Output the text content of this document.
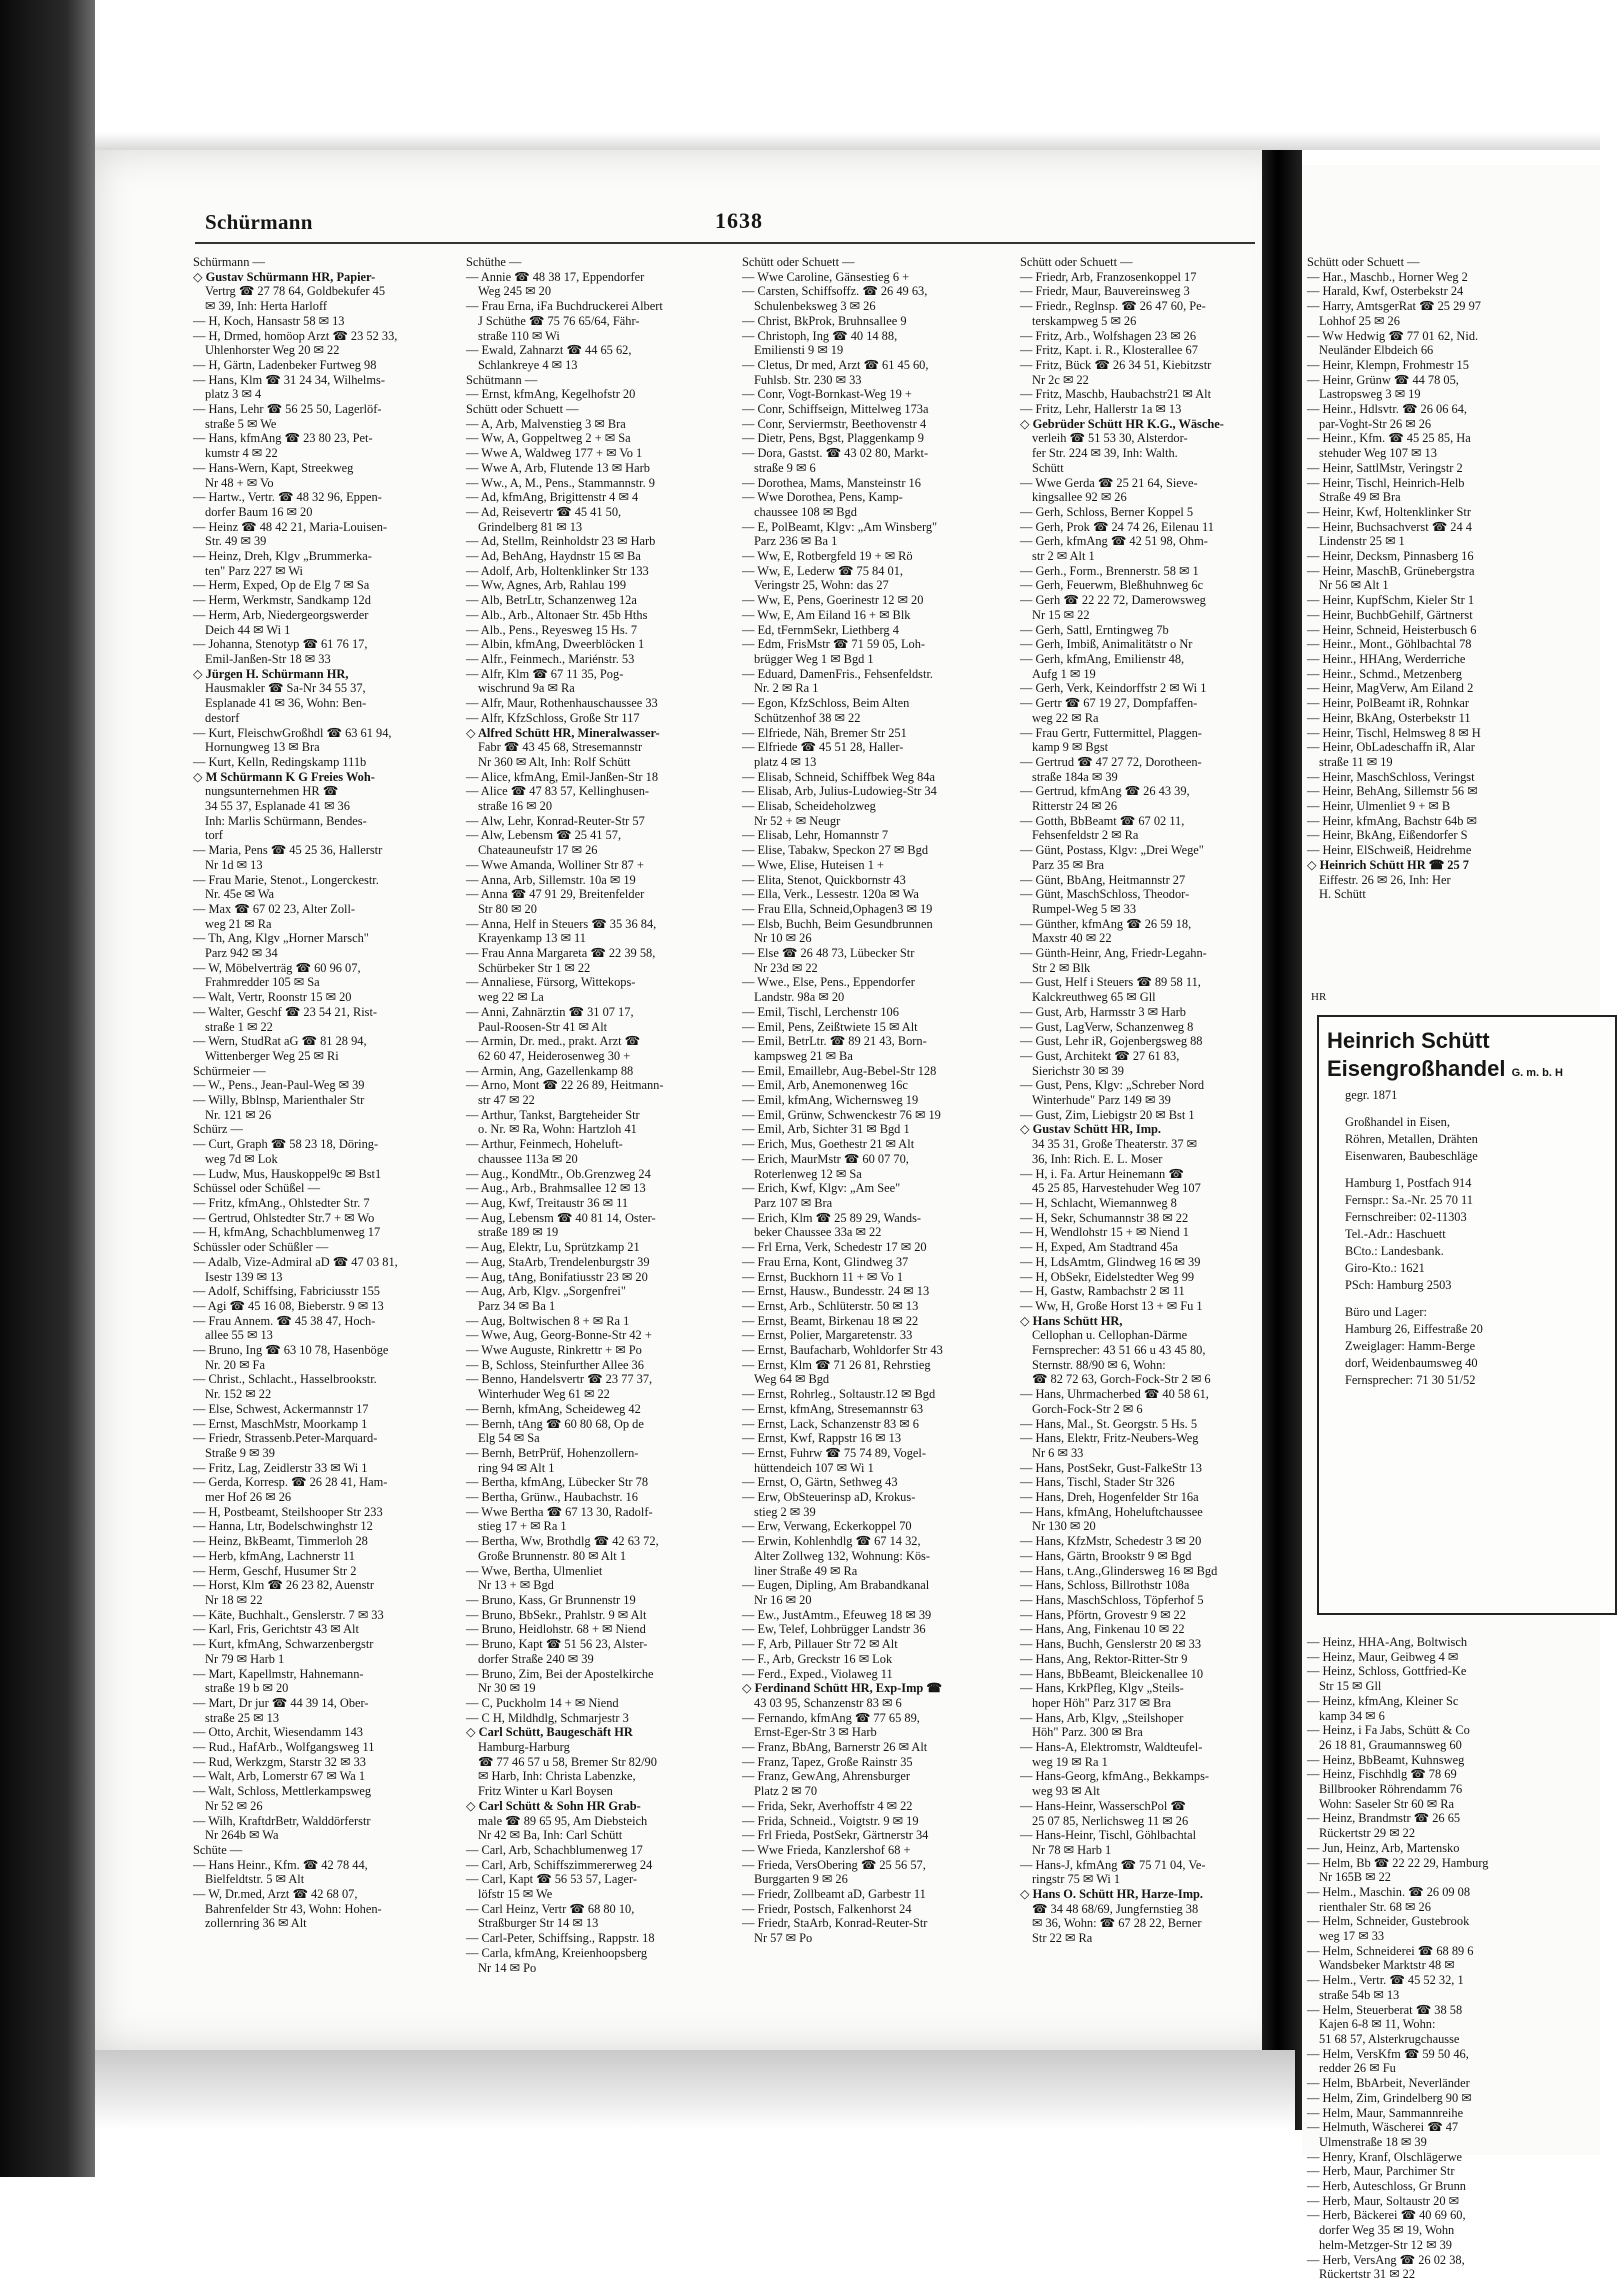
Schürmann	1638
Schürmann —
◇ Gustav Schürmann HR, Papier-
Vertrg ☎ 27 78 64, Goldbekufer 45
✉ 39, Inh: Herta Harloff
— H, Koch, Hansastr 58 ✉ 13
— H, Drmed, homöop Arzt ☎ 23 52 33,
Uhlenhorster Weg 20 ✉ 22
— H, Gärtn, Ladenbeker Furtweg 98
— Hans, Klm ☎ 31 24 34, Wilhelms-
platz 3 ✉ 4
— Hans, Lehr ☎ 56 25 50, Lagerlöf-
straße 5 ✉ We
— Hans, kfmAng ☎ 23 80 23, Pet-
kumstr 4 ✉ 22
— Hans-Wern, Kapt, Streekweg
Nr 48 + ✉ Vo
— Hartw., Vertr. ☎ 48 32 96, Eppen-
dorfer Baum 16 ✉ 20
— Heinz ☎ 48 42 21, Maria-Louisen-
Str. 49 ✉ 39
— Heinz, Dreh, Klgv „Brummerka-
ten" Parz 227 ✉ Wi
— Herm, Exped, Op de Elg 7 ✉ Sa
— Herm, Werkmstr, Sandkamp 12d
— Herm, Arb, Niedergeorgswerder
Deich 44 ✉ Wi 1
— Johanna, Stenotyp ☎ 61 76 17,
Emil-Janßen-Str 18 ✉ 33
◇ Jürgen H. Schürmann HR,
Hausmakler ☎ Sa-Nr 34 55 37,
Esplanade 41 ✉ 36, Wohn: Ben-
destorf
— Kurt, FleischwGroßhdl ☎ 63 61 94,
Hornungweg 13 ✉ Bra
— Kurt, Kelln, Redingskamp 111b
◇ M Schürmann K G Freies Woh-
nungsunternehmen HR ☎
34 55 37, Esplanade 41 ✉ 36
Inh: Marlis Schürmann, Bendes-
torf
— Maria, Pens ☎ 45 25 36, Hallerstr
Nr 1d ✉ 13
— Frau Marie, Stenot., Longerckestr.
Nr. 45e ✉ Wa
— Max ☎ 67 02 23, Alter Zoll-
weg 21 ✉ Ra
— Th, Ang, Klgv „Horner Marsch"
Parz 942 ✉ 34
— W, Möbelverträg ☎ 60 96 07,
Frahmredder 105 ✉ Sa
— Walt, Vertr, Roonstr 15 ✉ 20
— Walter, Geschf ☎ 23 54 21, Rist-
straße 1 ✉ 22
— Wern, StudRat aG ☎ 81 28 94,
Wittenberger Weg 25 ✉ Ri
Schürmeier —
— W., Pens., Jean-Paul-Weg ✉ 39
— Willy, Bblnsp, Marienthaler Str
Nr. 121 ✉ 26
Schürz —
— Curt, Graph ☎ 58 23 18, Döring-
weg 7d ✉ Lok
— Ludw, Mus, Hauskoppel9c ✉ Bst1
Schüssel oder Schüßel —
— Fritz, kfmAng., Ohlstedter Str. 7
— Gertrud, Ohlstedter Str.7 + ✉ Wo
— H, kfmAng, Schachblumenweg 17
Schüssler oder Schüßler —
— Adalb, Vize-Admiral aD ☎ 47 03 81,
Isestr 139 ✉ 13
— Adolf, Schiffsing, Fabriciusstr 155
— Agi ☎ 45 16 08, Bieberstr. 9 ✉ 13
— Frau Annem. ☎ 45 38 47, Hoch-
allee 55 ✉ 13
— Bruno, Ing ☎ 63 10 78, Hasenböge
Nr. 20 ✉ Fa
— Christ., Schlacht., Hasselbrookstr.
Nr. 152 ✉ 22
— Else, Schwest, Ackermannstr 17
— Ernst, MaschMstr, Moorkamp 1
— Friedr, Strassenb.Peter-Marquard-
Straße 9 ✉ 39
— Fritz, Lag, Zeidlerstr 33 ✉ Wi 1
— Gerda, Korresp. ☎ 26 28 41, Ham-
mer Hof 26 ✉ 26
— H, Postbeamt, Steilshooper Str 233
— Hanna, Ltr, Bodelschwinghstr 12
— Heinz, BkBeamt, Timmerloh 28
— Herb, kfmAng, Lachnerstr 11
— Herm, Geschf, Husumer Str 2
— Horst, Klm ☎ 26 23 82, Auenstr
Nr 18 ✉ 22
— Käte, Buchhalt., Genslerstr. 7 ✉ 33
— Karl, Fris, Gerichtstr 43 ✉ Alt
— Kurt, kfmAng, Schwarzenbergstr
Nr 79 ✉ Harb 1
— Mart, Kapellmstr, Hahnemann-
straße 19 b ✉ 20
— Mart, Dr jur ☎ 44 39 14, Ober-
straße 25 ✉ 13
— Otto, Archit, Wiesendamm 143
— Rud., HafArb., Wolfgangsweg 11
— Rud, Werkzgm, Starstr 32 ✉ 33
— Walt, Arb, Lomerstr 67 ✉ Wa 1
— Walt, Schloss, Mettlerkampsweg
Nr 52 ✉ 26
— Wilh, KraftdrBetr, Walddörferstr
Nr 264b ✉ Wa
Schüte —
— Hans Heinr., Kfm. ☎ 42 78 44,
Bielfeldtstr. 5 ✉ Alt
— W, Dr.med, Arzt ☎ 42 68 07,
Bahrenfelder Str 43, Wohn: Hohen-
zollernring 36 ✉ Alt
Schüthe —
— Annie ☎ 48 38 17, Eppendorfer
Weg 245 ✉ 20
— Frau Erna, iFa Buchdruckerei Albert
J Schüthe ☎ 75 76 65/64, Fähr-
straße 110 ✉ Wi
— Ewald, Zahnarzt ☎ 44 65 62,
Schlankreye 4 ✉ 13
Schütmann —
— Ernst, kfmAng, Kegelhofstr 20
Schütt oder Schuett —
— A, Arb, Malvenstieg 3 ✉ Bra
— Ww, A, Goppeltweg 2 + ✉ Sa
— Wwe A, Waldweg 177 + ✉ Vo 1
— Wwe A, Arb, Flutende 13 ✉ Harb
— Ww., A, M., Pens., Stammannstr. 9
— Ad, kfmAng, Brigittenstr 4 ✉ 4
— Ad, Reisevertr ☎ 45 41 50,
Grindelberg 81 ✉ 13
— Ad, Stellm, Reinholdstr 23 ✉ Harb
— Ad, BehAng, Haydnstr 15 ✉ Ba
— Adolf, Arb, Holtenklinker Str 133
— Ww, Agnes, Arb, Rahlau 199
— Alb, BetrLtr, Schanzenweg 12a
— Alb., Arb., Altonaer Str. 45b Hths
— Alb., Pens., Reyesweg 15 Hs. 7
— Albin, kfmAng, Dweerblöcken 1
— Alfr., Feinmech., Mariénstr. 53
— Alfr, Klm ☎ 67 11 35, Pog-
wischrund 9a ✉ Ra
— Alfr, Maur, Rothenhauschaussee 33
— Alfr, KfzSchloss, Große Str 117
◇ Alfred Schütt HR, Mineralwasser-
Fabr ☎ 43 45 68, Stresemannstr
Nr 360 ✉ Alt, Inh: Rolf Schütt
— Alice, kfmAng, Emil-Janßen-Str 18
— Alice ☎ 47 83 57, Kellinghusen-
straße 16 ✉ 20
— Alw, Lehr, Konrad-Reuter-Str 57
— Alw, Lebensm ☎ 25 41 57,
Chateauneufstr 17 ✉ 26
— Wwe Amanda, Wolliner Str 87 +
— Anna, Arb, Sillemstr. 10a ✉ 19
— Anna ☎ 47 91 29, Breitenfelder
Str 80 ✉ 20
— Anna, Helf in Steuers ☎ 35 36 84,
Krayenkamp 13 ✉ 11
— Frau Anna Margareta ☎ 22 39 58,
Schürbeker Str 1 ✉ 22
— Annaliese, Fürsorg, Wittekops-
weg 22 ✉ La
— Anni, Zahnärztin ☎ 31 07 17,
Paul-Roosen-Str 41 ✉ Alt
— Armin, Dr. med., prakt. Arzt ☎
62 60 47, Heiderosenweg 30 +
— Armin, Ang, Gazellenkamp 88
— Arno, Mont ☎ 22 26 89, Heitmann-
str 47 ✉ 22
— Arthur, Tankst, Bargteheider Str
o. Nr. ✉ Ra, Wohn: Hartzloh 41
— Arthur, Feinmech, Hoheluft-
chaussee 113a ✉ 20
— Aug., KondMtr., Ob.Grenzweg 24
— Aug., Arb., Brahmsallee 12 ✉ 13
— Aug, Kwf, Treitaustr 36 ✉ 11
— Aug, Lebensm ☎ 40 81 14, Oster-
straße 189 ✉ 19
— Aug, Elektr, Lu, Sprützkamp 21
— Aug, StaArb, Trendelenburgstr 39
— Aug, tAng, Bonifatiusstr 23 ✉ 20
— Aug, Arb, Klgv. „Sorgenfrei"
Parz 34 ✉ Ba 1
— Aug, Boltwischen 8 + ✉ Ra 1
— Wwe, Aug, Georg-Bonne-Str 42 +
— Wwe Auguste, Rinkrettr + ✉ Po
— B, Schloss, Steinfurther Allee 36
— Benno, Handelsvertr ☎ 23 77 37,
Winterhuder Weg 61 ✉ 22
— Bernh, kfmAng, Scheideweg 42
— Bernh, tAng ☎ 60 80 68, Op de
Elg 54 ✉ Sa
— Bernh, BetrPrüf, Hohenzollern-
ring 94 ✉ Alt 1
— Bertha, kfmAng, Lübecker Str 78
— Bertha, Grünw., Haubachstr. 16
— Wwe Bertha ☎ 67 13 30, Radolf-
stieg 17 + ✉ Ra 1
— Bertha, Ww, Brothdlg ☎ 42 63 72,
Große Brunnenstr. 80 ✉ Alt 1
— Wwe, Bertha, Ulmenliet
Nr 13 + ✉ Bgd
— Bruno, Kass, Gr Brunnenstr 19
— Bruno, BbSekr., Prahlstr. 9 ✉ Alt
— Bruno, Heidlohstr. 68 + ✉ Niend
— Bruno, Kapt ☎ 51 56 23, Alster-
dorfer Straße 240 ✉ 39
— Bruno, Zim, Bei der Apostelkirche
Nr 30 ✉ 19
— C, Puckholm 14 + ✉ Niend
— C H, Mildhdlg, Schmarjestr 3
◇ Carl Schütt, Baugeschäft HR
Hamburg-Harburg
☎ 77 46 57 u 58, Bremer Str 82/90
✉ Harb, Inh: Christa Labenzke,
Fritz Winter u Karl Boysen
◇ Carl Schütt & Sohn HR Grab-
male ☎ 89 65 95, Am Diebsteich
Nr 42 ✉ Ba, Inh: Carl Schütt
— Carl, Arb, Schachblumenweg 17
— Carl, Arb, Schiffszimmererweg 24
— Carl, Kapt ☎ 56 53 57, Lager-
löfstr 15 ✉ We
— Carl Heinz, Vertr ☎ 68 80 10,
Straßburger Str 14 ✉ 13
— Carl-Peter, Schiffsing., Rappstr. 18
— Carla, kfmAng, Kreienhoopsberg
Nr 14 ✉ Po
Schütt oder Schuett —
— Wwe Caroline, Gänsestieg 6 +
— Carsten, Schiffsoffz. ☎ 26 49 63,
Schulenbeksweg 3 ✉ 26
— Christ, BkProk, Bruhnsallee 9
— Christoph, Ing ☎ 40 14 88,
Emiliensti 9 ✉ 19
— Cletus, Dr med, Arzt ☎ 61 45 60,
Fuhlsb. Str. 230 ✉ 33
— Conr, Vogt-Bornkast-Weg 19 +
— Conr, Schiffseign, Mittelweg 173a
— Conr, Serviermstr, Beethovenstr 4
— Dietr, Pens, Bgst, Plaggenkamp 9
— Dora, Gastst. ☎ 43 02 80, Markt-
straße 9 ✉ 6
— Dorothea, Mams, Mansteinstr 16
— Wwe Dorothea, Pens, Kamp-
chaussee 108 ✉ Bgd
— E, PolBeamt, Klgv: „Am Winsberg"
Parz 236 ✉ Ba 1
— Ww, E, Rotbergfeld 19 + ✉ Rö
— Ww, E, Lederw ☎ 75 84 01,
Veringstr 25, Wohn: das 27
— Ww, E, Pens, Goerinestr 12 ✉ 20
— Ww, E, Am Eiland 16 + ✉ Blk
— Ed, tFernmSekr, Liethberg 4
— Edm, FrisMstr ☎ 71 59 05, Loh-
brügger Weg 1 ✉ Bgd 1
— Eduard, DamenFris., Fehsenfeldstr.
Nr. 2 ✉ Ra 1
— Egon, KfzSchloss, Beim Alten
Schützenhof 38 ✉ 22
— Elfriede, Näh, Bremer Str 251
— Elfriede ☎ 45 51 28, Haller-
platz 4 ✉ 13
— Elisab, Schneid, Schiffbek Weg 84a
— Elisab, Arb, Julius-Ludowieg-Str 34
— Elisab, Scheideholzweg
Nr 52 + ✉ Neugr
— Elisab, Lehr, Homannstr 7
— Elise, Tabakw, Speckon 27 ✉ Bgd
— Wwe, Elise, Huteisen 1 +
— Elita, Stenot, Quickbornstr 43
— Ella, Verk., Lessestr. 120a ✉ Wa
— Frau Ella, Schneid,Ophagen3 ✉ 19
— Elsb, Buchh, Beim Gesundbrunnen
Nr 10 ✉ 26
— Else ☎ 26 48 73, Lübecker Str
Nr 23d ✉ 22
— Wwe., Else, Pens., Eppendorfer
Landstr. 98a ✉ 20
— Emil, Tischl, Lerchenstr 106
— Emil, Pens, Zeißtwiete 15 ✉ Alt
— Emil, BetrLtr. ☎ 89 21 43, Born-
kampsweg 21 ✉ Ba
— Emil, Emaillebr, Aug-Bebel-Str 128
— Emil, Arb, Anemonenweg 16c
— Emil, kfmAng, Wichernsweg 19
— Emil, Grünw, Schwenckestr 76 ✉ 19
— Emil, Arb, Sichter 31 ✉ Bgd 1
— Erich, Mus, Goethestr 21 ✉ Alt
— Erich, MaurMstr ☎ 60 07 70,
Roterlenweg 12 ✉ Sa
— Erich, Kwf, Klgv: „Am See"
Parz 107 ✉ Bra
— Erich, Klm ☎ 25 89 29, Wands-
beker Chaussee 33a ✉ 22
— Frl Erna, Verk, Schedestr 17 ✉ 20
— Frau Erna, Kont, Glindweg 37
— Ernst, Buckhorn 11 + ✉ Vo 1
— Ernst, Hausw., Bundesstr. 24 ✉ 13
— Ernst, Arb., Schlüterstr. 50 ✉ 13
— Ernst, Beamt, Birkenau 18 ✉ 22
— Ernst, Polier, Margaretenstr. 33
— Ernst, Baufacharb, Wohldorfer Str 43
— Ernst, Klm ☎ 71 26 81, Rehrstieg
Weg 64 ✉ Bgd
— Ernst, Rohrleg., Soltaustr.12 ✉ Bgd
— Ernst, kfmAng, Stresemannstr 63
— Ernst, Lack, Schanzenstr 83 ✉ 6
— Ernst, Kwf, Rappstr 16 ✉ 13
— Ernst, Fuhrw ☎ 75 74 89, Vogel-
hüttendeich 107 ✉ Wi 1
— Ernst, O, Gärtn, Sethweg 43
— Erw, ObSteuerinsp aD, Krokus-
stieg 2 ✉ 39
— Erw, Verwang, Eckerkoppel 70
— Erwin, Kohlenhdlg ☎ 67 14 32,
Alter Zollweg 132, Wohnung: Kös-
liner Straße 49 ✉ Ra
— Eugen, Dipling, Am Brabandkanal
Nr 16 ✉ 20
— Ew., JustAmtm., Efeuweg 18 ✉ 39
— Ew, Telef, Lohbrügger Landstr 36
— F, Arb, Pillauer Str 72 ✉ Alt
— F., Arb, Greckstr 16 ✉ Lok
— Ferd., Exped., Violaweg 11
◇ Ferdinand Schütt HR, Exp-Imp ☎
43 03 95, Schanzenstr 83 ✉ 6
— Fernando, kfmAng ☎ 77 65 89,
Ernst-Eger-Str 3 ✉ Harb
— Franz, BbAng, Barnerstr 26 ✉ Alt
— Franz, Tapez, Große Rainstr 35
— Franz, GewAng, Ahrensburger
Platz 2 ✉ 70
— Frida, Sekr, Averhoffstr 4 ✉ 22
— Frida, Schneid., Voigtstr. 9 ✉ 19
— Frl Frieda, PostSekr, Gärtnerstr 34
— Wwe Frieda, Kanzlershof 68 +
— Frieda, VersObering ☎ 25 56 57,
Burggarten 9 ✉ 26
— Friedr, Zollbeamt aD, Garbestr 11
— Friedr, Postsch, Falkenhorst 24
— Friedr, StaArb, Konrad-Reuter-Str
Nr 57 ✉ Po
Schütt oder Schuett —
— Friedr, Arb, Franzosenkoppel 17
— Friedr, Maur, Bauvereinsweg 3
— Friedr., Reglnsp. ☎ 26 47 60, Pe-
terskampweg 5 ✉ 26
— Fritz, Arb., Wolfshagen 23 ✉ 26
— Fritz, Kapt. i. R., Klosterallee 67
— Fritz, Bück ☎ 26 34 51, Kiebitzstr
Nr 2c ✉ 22
— Fritz, Maschb, Haubachstr21 ✉ Alt
— Fritz, Lehr, Hallerstr 1a ✉ 13
◇ Gebrüder Schütt HR K.G., Wäsche-
verleih ☎ 51 53 30, Alsterdor-
fer Str. 224 ✉ 39, Inh: Walth.
Schütt
— Wwe Gerda ☎ 25 21 64, Sieve-
kingsallee 92 ✉ 26
— Gerh, Schloss, Berner Koppel 5
— Gerh, Prok ☎ 24 74 26, Eilenau 11
— Gerh, kfmAng ☎ 42 51 98, Ohm-
str 2 ✉ Alt 1
— Gerh., Form., Brennerstr. 58 ✉ 1
— Gerh, Feuerwm, Bleßhuhnweg 6c
— Gerh ☎ 22 22 72, Damerowsweg
Nr 15 ✉ 22
— Gerh, Sattl, Erntingweg 7b
— Gerh, Imbiß, Animalitätstr o Nr
— Gerh, kfmAng, Emilienstr 48,
Aufg 1 ✉ 19
— Gerh, Verk, Keindorffstr 2 ✉ Wi 1
— Gertr ☎ 67 19 27, Dompfaffen-
weg 22 ✉ Ra
— Frau Gertr, Futtermittel, Plaggen-
kamp 9 ✉ Bgst
— Gertrud ☎ 47 27 72, Dorotheen-
straße 184a ✉ 39
— Gertrud, kfmAng ☎ 26 43 39,
Ritterstr 24 ✉ 26
— Gotth, BbBeamt ☎ 67 02 11,
Fehsenfeldstr 2 ✉ Ra
— Günt, Postass, Klgv: „Drei Wege"
Parz 35 ✉ Bra
— Günt, BbAng, Heitmannstr 27
— Günt, MaschSchloss, Theodor-
Rumpel-Weg 5 ✉ 33
— Günther, kfmAng ☎ 26 59 18,
Maxstr 40 ✉ 22
— Günth-Heinr, Ang, Friedr-Legahn-
Str 2 ✉ Blk
— Gust, Helf i Steuers ☎ 89 58 11,
Kalckreuthweg 65 ✉ Gll
— Gust, Arb, Harmsstr 3 ✉ Harb
— Gust, LagVerw, Schanzenweg 8
— Gust, Lehr iR, Gojenbergsweg 88
— Gust, Architekt ☎ 27 61 83,
Sierichstr 30 ✉ 39
— Gust, Pens, Klgv: „Schreber Nord
Winterhude" Parz 149 ✉ 39
— Gust, Zim, Liebigstr 20 ✉ Bst 1
◇ Gustav Schütt HR, Imp.
34 35 31, Große Theaterstr. 37 ✉
36, Inh: Rich. E. L. Moser
— H, i. Fa. Artur Heinemann ☎
45 25 85, Harvestehuder Weg 107
— H, Schlacht, Wiemannweg 8
— H, Sekr, Schumannstr 38 ✉ 22
— H, Wendlohstr 15 + ✉ Niend 1
— H, Exped, Am Stadtrand 45a
— H, LdsAmtm, Glindweg 16 ✉ 39
— H, ObSekr, Eidelstedter Weg 99
— H, Gastw, Rambachstr 2 ✉ 11
— Ww, H, Große Horst 13 + ✉ Fu 1
◇ Hans Schütt HR,
Cellophan u. Cellophan-Därme
Fernsprecher: 43 51 66 u 43 45 80,
Sternstr. 88/90 ✉ 6, Wohn:
☎ 82 72 63, Gorch-Fock-Str 2 ✉ 6
— Hans, Uhrmacherbed ☎ 40 58 61,
Gorch-Fock-Str 2 ✉ 6
— Hans, Mal., St. Georgstr. 5 Hs. 5
— Hans, Elektr, Fritz-Neubers-Weg
Nr 6 ✉ 33
— Hans, PostSekr, Gust-FalkeStr 13
— Hans, Tischl, Stader Str 326
— Hans, Dreh, Hogenfelder Str 16a
— Hans, kfmAng, Hoheluftchaussee
Nr 130 ✉ 20
— Hans, KfzMstr, Schedestr 3 ✉ 20
— Hans, Gärtn, Brookstr 9 ✉ Bgd
— Hans, t.Ang.,Glindersweg 16 ✉ Bgd
— Hans, Schloss, Billrothstr 108a
— Hans, MaschSchloss, Töpferhof 5
— Hans, Pförtn, Grovestr 9 ✉ 22
— Hans, Ang, Finkenau 10 ✉ 22
— Hans, Buchh, Genslerstr 20 ✉ 33
— Hans, Ang, Rektor-Ritter-Str 9
— Hans, BbBeamt, Bleickenallee 10
— Hans, KrkPfleg, Klgv „Steils-
hoper Höh" Parz 317 ✉ Bra
— Hans, Arb, Klgv, „Steilshoper
Höh" Parz. 300 ✉ Bra
— Hans-A, Elektromstr, Waldteufel-
weg 19 ✉ Ra 1
— Hans-Georg, kfmAng., Bekkamps-
weg 93 ✉ Alt
— Hans-Heinr, WasserschPol ☎
25 07 85, Nerlichsweg 11 ✉ 26
— Hans-Heinr, Tischl, Göhlbachtal
Nr 78 ✉ Harb 1
— Hans-J, kfmAng ☎ 75 71 04, Ve-
ringstr 75 ✉ Wi 1
◇ Hans O. Schütt HR, Harze-Imp.
☎ 34 48 68/69, Jungfernstieg 38
✉ 36, Wohn: ☎ 67 28 22, Berner
Str 22 ✉ Ra
Schütt oder Schuett —
— Har., Maschb., Horner Weg 2
— Harald, Kwf, Osterbekstr 24
— Harry, AmtsgerRat ☎ 25 29 97
Lohhof 25 ✉ 26
— Ww Hedwig ☎ 77 01 62, Nid.
Neuländer Elbdeich 66
— Heinr, Klempn, Frohmestr 15
— Heinr, Grünw ☎ 44 78 05,
Lastropsweg 3 ✉ 19
— Heinr., Hdlsvtr. ☎ 26 06 64,
par-Voght-Str 26 ✉ 26
— Heinr., Kfm. ☎ 45 25 85, Ha
stehuder Weg 107 ✉ 13
— Heinr, SattlMstr, Veringstr 2
— Heinr, Tischl, Heinrich-Helb
Straße 49 ✉ Bra
— Heinr, Kwf, Holtenklinker Str
— Heinr, Buchsachverst ☎ 24 4
Lindenstr 25 ✉ 1
— Heinr, Decksm, Pinnasberg 16
— Heinr, MaschB, Grünebergstra
Nr 56 ✉ Alt 1
— Heinr, KupfSchm, Kieler Str 1
— Heinr, BuchbGehilf, Gärtnerst
— Heinr, Schneid, Heisterbusch 6
— Heinr., Mont., Göhlbachtal 78
— Heinr., HHAng, Werderriche
— Heinr., Schmd., Metzenberg
— Heinr, MagVerw, Am Eiland 2
— Heinr, PolBeamt iR, Rohnkar
— Heinr, BkAng, Osterbekstr 11
— Heinr, Tischl, Helmsweg 8 ✉ H
— Heinr, ObLadeschaffn iR, Alar
straße 11 ✉ 19
— Heinr, MaschSchloss, Veringst
— Heinr, BehAng, Sillemstr 56 ✉
— Heinr, Ulmenliet 9 + ✉ B
— Heinr, kfmAng, Bachstr 64b ✉
— Heinr, BkAng, Eißendorfer S
— Heinr, ElSchweiß, Heidrehme
◇ Heinrich Schütt HR ☎ 25 7
Eiffestr. 26 ✉ 26, Inh: Her
H. Schütt
HR
Heinrich Schütt
Eisengroßhandel G. m. b. H
gegr. 1871
Großhandel in Eisen,
Röhren, Metallen, Drähten
Eisenwaren, Baubeschläge
Hamburg 1, Postfach 914
Fernspr.: Sa.-Nr. 25 70 11
Fernschreiber: 02-11303
Tel.-Adr.: Haschuett
BCto.: Landesbank.
Giro-Kto.: 1621
PSch: Hamburg 2503
Büro und Lager:
Hamburg 26, Eiffestraße 20
Zweiglager: Hamm-Berge
dorf, Weidenbaumsweg 40
Fernsprecher: 71 30 51/52
— Heinz, HHA-Ang, Boltwisch
— Heinz, Maur, Geibweg 4 ✉
— Heinz, Schloss, Gottfried-Ke
Str 15 ✉ Gll
— Heinz, kfmAng, Kleiner Sc
kamp 34 ✉ 6
— Heinz, i Fa Jabs, Schütt & Co
26 18 81, Graumannsweg 60
— Heinz, BbBeamt, Kuhnsweg
— Heinz, Fischhdlg ☎ 78 69
Billbrooker Röhrendamm 76
Wohn: Saseler Str 60 ✉ Ra
— Heinz, Brandmstr ☎ 26 65
Rückertstr 29 ✉ 22
— Jun, Heinz, Arb, Martensko
— Helm, Bb ☎ 22 22 29, Hamburg
Nr 165B ✉ 22
— Helm., Maschin. ☎ 26 09 08
rienthaler Str. 68 ✉ 26
— Helm, Schneider, Gustebrook
weg 17 ✉ 33
— Helm, Schneiderei ☎ 68 89 6
Wandsbeker Marktstr 48 ✉
— Helm., Vertr. ☎ 45 52 32, 1
straße 54b ✉ 13
— Helm, Steuerberat ☎ 38 58
Kajen 6-8 ✉ 11, Wohn:
51 68 57, Alsterkrugchausse
— Helm, VersKfm ☎ 59 50 46,
redder 26 ✉ Fu
— Helm, BbArbeit, Neverländer
— Helm, Zim, Grindelberg 90 ✉
— Helm, Maur, Sammannreihe
— Helmuth, Wäscherei ☎ 47
Ulmenstraße 18 ✉ 39
— Henry, Kranf, Olschlägerwe
— Herb, Maur, Parchimer Str
— Herb, Auteschloss, Gr Brunn
— Herb, Maur, Soltaustr 20 ✉
— Herb, Bäckerei ☎ 40 69 60,
dorfer Weg 35 ✉ 19, Wohn
helm-Metzger-Str 12 ✉ 39
— Herb, VersAng ☎ 26 02 38,
Rückertstr 31 ✉ 22
